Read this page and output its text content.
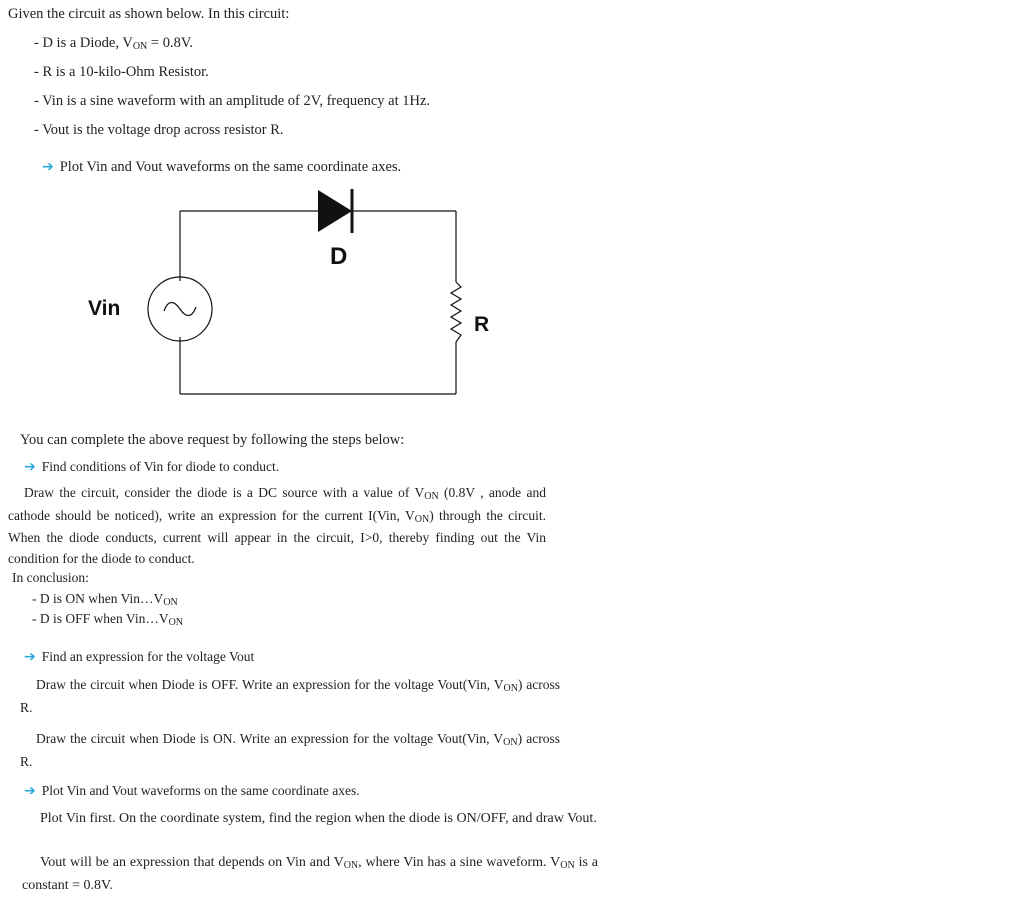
Given the circuit as shown below. In this circuit:
- D is a Diode, VON = 0.8V.
- R is a 10-kilo-Ohm Resistor.
- Vin is a sine waveform with an amplitude of 2V, frequency at 1Hz.
- Vout is the voltage drop across resistor R.
➔ Plot Vin and Vout waveforms on the same coordinate axes.
D
Vin
R
You can complete the above request by following the steps below:
➔ Find conditions of Vin for diode to conduct.
Draw the circuit, consider the diode is a DC source with a value of VON (0.8V , anode and cathode should be noticed), write an expression for the current I(Vin, VON) through the circuit. When the diode conducts, current will appear in the circuit, I>0, thereby finding out the Vin condition for the diode to conduct.
In conclusion:
- D is ON when Vin…VON
- D is OFF when Vin…VON
➔ Find an expression for the voltage Vout
Draw the circuit when Diode is OFF. Write an expression for the voltage Vout(Vin, VON) across R.
Draw the circuit when Diode is ON. Write an expression for the voltage Vout(Vin, VON) across R.
➔ Plot Vin and Vout waveforms on the same coordinate axes.
Plot Vin first. On the coordinate system, find the region when the diode is ON/OFF, and draw Vout.
Vout will be an expression that depends on Vin and VON, where Vin has a sine waveform. VON is a constant = 0.8V.
